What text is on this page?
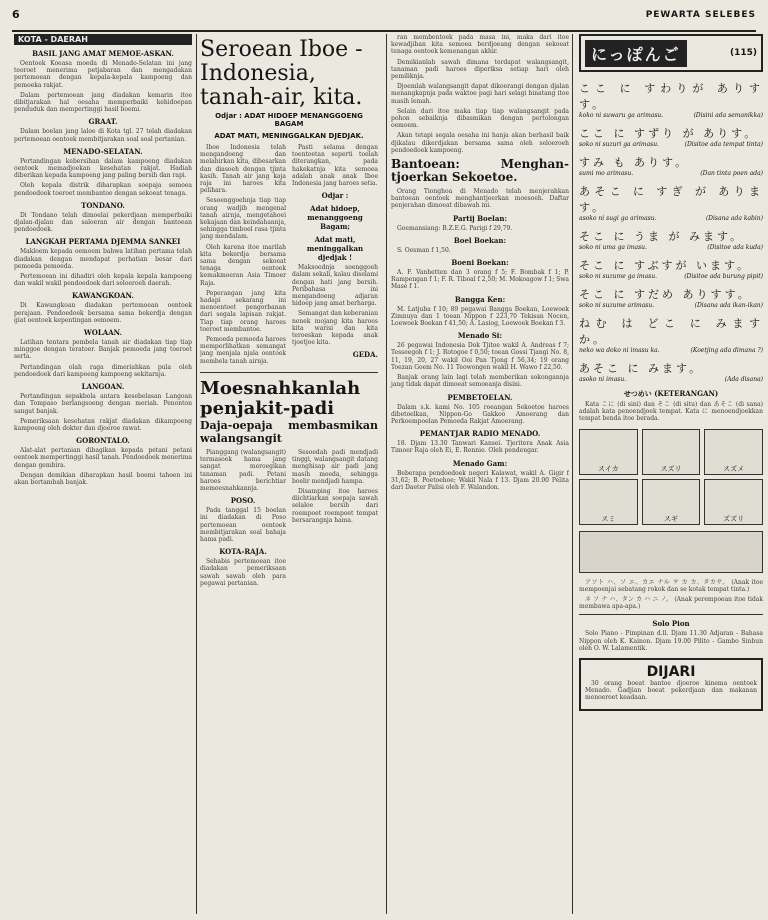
6	PEWARTA SELEBES
KOTA - DAERAH
BASIL JANG AMAT MEMOE-ASKAN.

Oentoek Koeasa moeda di Menado-Selatan ini jang teoroet menerima petjabaran dan mengadakan pertemoean dengan kepala-kepala kampoeng dan pemoeka rakjat.

Dalam pertemoean jang diadakan kemarin itoe dibitjarakan hal oesaha memperbaiki kehidoepan penduduk dan mempertinggi hasil boemi.

GRAAT.

Dalam boelan jang laloe di Kota tgl. 27 telah diadakan pertemoean oentoek membitjarakan soal soal pertanian.

MENADO-SELATAN.

Pertandingan kebersihan dalam kampoeng diadakan oentoek memadjoekan kesehatan rakjat. Hadiah diberikan kepada kampoeng jang paling bersih dan rapi.

Oleh kepala distrik diharapkan soepaja semoea pendoedoek toeroet membantoe dengan sekoeat tenaga.

TONDANO.

Di Tondano telah dimoelai pekerdjaan memperbaiki djalan-djalan dan saloeran air dengan bantoean pendoedoek.

LANGKAH PERTAMA DJEMMA SANKEI

Makloem kepada oemoem bahwa latihan pertama telah diadakan dengan mendapat perhatian besar dari pemoeda pemoeda.

Pertemoean ini dihadiri oleh kepala kepala kampoeng dan wakil wakil pendoedoek dari seloeroeh daerah.

KAWANGKOAN.

Di Kawangkoan diadakan pertemoean oentoek perajaan. Pendoedoek bersama sama bekerdja dengan giat oentoek kepentingan oemoem.

WOLAAN.

Latihan tentara pembela tanah air diadakan tiap tiap minggoe dengan teratoer. Banjak pemoeda jang toeroet serta.

Pertandingan olah raga dimeriahkan pula oleh pendoedoek dari kampoeng kampoeng sekitarnja.

LANGOAN.

Pertandingan sepakbola antara kesebelasan Langoan dan Tompaso berlangsoeng dengan meriah. Penonton sangat banjak.

Pemeriksaan kesehatan rakjat diadakan dikampoeng kampoeng oleh dokter dan djoeroe rawat.

GORONTALO.

Alat-alat pertanian dibagikan kepada petani petani oentoek mempertinggi hasil tanah. Pendoedoek menerima dengan gembira.

Dengan demikian diharapkan hasil boemi tahoen ini akan bertambah banjak.

Seroean Iboe - Indonesia, tanah-air, kita.
Odjar : ADAT HIDOEP MENANGGOENG BAGAM
ADAT MATI, MENINGGALKAN DJEDJAK.

Iboe Indonesia telah mengandoeng dan melahirkan kita, dibesarkan dan diasoeh dengan tjinta kasih. Tanah air jang kaja raja ini haroes kita pelihara.

Sesoenggoehnja tiap tiap orang wadjib mengenal tanah airnja, mengetahoei kekajaan dan keindahannja, sehingga timboel rasa tjinta jang mendalam.

Oleh karena itoe marilah kita bekerdja bersama sama dengan sekoeat tenaga oentoek kemakmoeran Asia Timoer Raja.

Peperangan jang kita hadapi sekarang ini menoentoet pengorbanan dari segala lapisan rakjat. Tiap tiap orang haroes toeroet membantoe.

Pemoeda pemoeda haroes memperlihatkan semangat jang menjala njala oentoek membela tanah airnja.

Pasti selama dengan toentoetan seperti toelah diterangkan, pada hakekatnja kita semoea adalah anak anak Iboe Indonesia jang haroes setia.

Odjar :
Adat hidoep, menanggoeng Bagam;
Adat mati, meninggalkan djedjak !

Maksoednja soenggoeh dalam sekali, kalau diselami dengan hati jang bersih. Peribahasa ini mengandoeng adjaran hidoep jang amat berharga.

Semangat dan keberanian nenek mojang kita haroes kita warisi dan kita teroeskan kepada anak tjoetjoe kita.

GEDA.
Moesnahkanlah penjakit-padi
Daja-oepaja membasmikan walangsangit

Pianggang (walangsangit) termasoek hama jang sangat meroegikan tanaman padi. Petani haroes berichtiar memoesnahkannja.

POSO.

Pada tanggal 15 boelan ini diadakan di Poso pertemoean oentoek membitjarakan soal bahaja hama padi.

KOTA-RAJA.

Sehabis pertemoean itoe diadakan pemeriksaan sawah sawah oleh para pegawai pertanian.

Sesoedah padi mendjadi tinggi, walangsangit datang menghisap air padi jang masih moeda, sehingga boelir mendjadi hampa.

Disamping itoe haroes diichtiarkan soepaja sawah selaloe bersih dari roempoet roempoet tempat bersarangnja hama.

ran membentoek pada masa ini, maka dari itoe kewadjiban kita semoea berdjoeang dengan sekoeat tenaga oentoek kemenangan akhir.

Demikianlah sawah dimana terdapat walangsangit, tanaman padi haroes diperiksa setiap hari oleh pemiliknja.

Djoemlah walangsangit dapat dikoerangi dengan djalan menangkapnja pada waktoe pagi hari selagi binatang itoe masih lemah.

Selain dari itoe maka tiap tiap walangsangit pada pohon sebaiknja dibasmikan dengan pertolongan oemoem.

Akan tetapi segala oesaha ini hanja akan berhasil baik djikalau dikerdjakan bersama sama oleh seloeroeh pendoedoek kampoeng.

Bantoean: Menghan-tjoerkan Sekoetoe.

Orang Tionghoa di Menado telah menjerahkan bantoean oentoek menghantjoerkan moesoeh. Daftar penjerahan dimoeat dibawah ini.

Partij Boelan:

Goemansiang: B.Z.E.G. Parigi f 29,79.

Boel Boekan:

S. Oesman f 1,50.

Boeni Boekan:

A. F. Vanhetten dan 3 orang f 5; F. Bombak f 1; P. Rampengan f 1; F. R. Tiboal f 2,50; M. Mokoagow f 1; Swa Mase f 1.

Bangga Ken:

M. Latjuba f 10; 89 pegawai Bangga Boekan, Loewoek Zimnuya dan 1 toean Nippon f 223,70 Tekisan Nocen, Loewoek Boekan f 41,50; A. Lasiog, Loewoek Boekan f 3.

Menado Si:

26 pegawai Indonesia Dok Tjitoe wakil A. Andreas f 7; Tesseegoh f 1; J. Rotogoe f 0,50; toean Gossi Tjangi No. 8, 11, 19, 20, 27 wakil Ooi Pan Tjong f 56,34; 19 orang Toezan Goem No. 11 Teowongen wakil H. Wawo f 22,50.

Banjak orang lain lagi telah memberikan sokongannja jang tidak dapat dimoeat semoeanja disini.

PEMBETOELAN.

Dalam s.k. kami No. 105 roeangan Sekoetoe haroes dibetoelkan, Nippon-Go Gakkoo Amoerang dan Perkoempoelan Pemoeda Rakjat Amoerang.

PEMANTJAR RADIO MENADO.

18. Djam 13.30 Tanwari Kansei. Tjeritera Anak Asia Timoer Raja oleh Ei, E. Ronnie. Oleh pendengar.

Menado Gam:

Beberapa pendoedoek negeri Kalawat, wakil A. Gigir f 31,62; B. Poetoehoe; Wakil Nala f 13. Djam 20.00 Pelita dari Daeter Palisi oleh F. Walandon.

にっぽんご	(115)
ここ に すわりが ありすす。
koko ni suwaru ga arimasu.	(Disini ada semanikka)
ここ に すずり が ありす。
soko ni suzuri ga arimasu.	(Disitoe ada tempat tinta)
すみ も ありす。
sumi mo arimasu.	(Dan tinta poen ada)
あそこ に すぎ が あります。
asoko ni sugi ga arimasu.	(Disana ada kabin)
そこ に うま が みます。
soko ni uma ga imasu.	(Disitoe ada kuda)
そこ に すぶすが います。
soko ni suzume ga imasu.	(Disitoe ada burung pipit)
そこ に すだめ ありすす。
soko ni suzume arimasu.	(Disana ada ikan-ikan)
ねむ は どこ に みます か。
neko wa doko ni imasu ka.	(Koetjing ada dimana ?)
あそこ に みます。
asoko ni imasu.	(Ada disana)
せつめい (KETERANGAN)

Kata こに (di sini) dan そこ (di situ) dan あそこ (di sana) adalah kata penoendjoek tempat. Kata に menoendjoekkan tempat benda itoe berada.

スイカ	スズリ	スズメ
スミ	スギ	ズズリ

アソト ハ、ソ エ、カエ ナル ヲ カ カ、タカサ。 (Anak itoe mempoenjai sebatang rokok dan se kotak tempat tinta.)

ネ ソ ナ ハ、タン カ ハ ニ ノ。 (Anak perempoean itoe tidak membawa apa-apa.)

Solo Pion

Solo Piano - Pimpinan d.ll. Djam 11.30 Adjaran - Bahasa Nippon oleh K. Kainon. Djam 19.00 Pilito - Gambo Sinbun oleh O. W. Lalamentik.

DIJARI

30 orang boeat bantoe djoeroe kinema oentoek Menado. Gadjian boeat pekerdjaan dan makanan menoeroet keadaan.
